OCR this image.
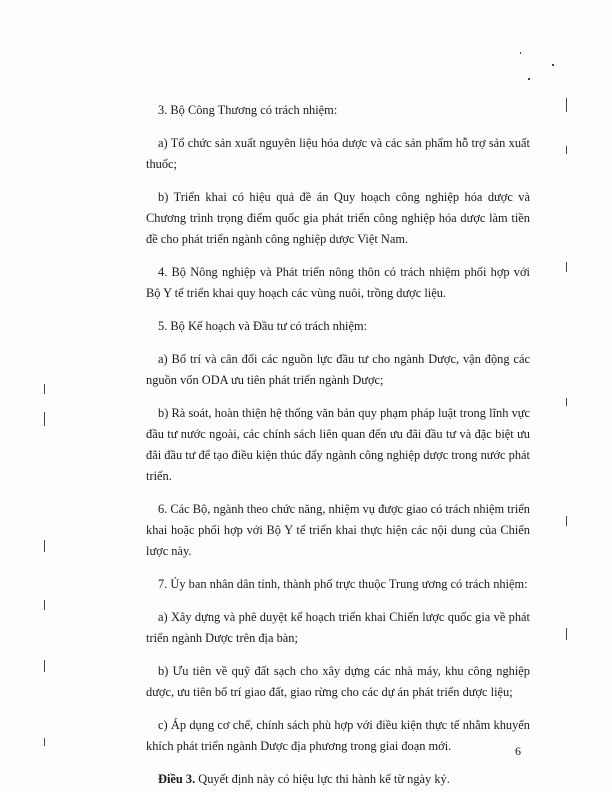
3. Bộ Công Thương có trách nhiệm:

a) Tổ chức sản xuất nguyên liệu hóa dược và các sản phẩm hỗ trợ sản xuất thuốc;

b) Triển khai có hiệu quả đề án Quy hoạch công nghiệp hóa dược và Chương trình trọng điểm quốc gia phát triển công nghiệp hóa dược làm tiền đề cho phát triển ngành công nghiệp dược Việt Nam.

4. Bộ Nông nghiệp và Phát triển nông thôn có trách nhiệm phối hợp với Bộ Y tế triển khai quy hoạch các vùng nuôi, trồng dược liệu.

5. Bộ Kế hoạch và Đầu tư có trách nhiệm:

a) Bố trí và cân đối các nguồn lực đầu tư cho ngành Dược, vận động các nguồn vốn ODA ưu tiên phát triển ngành Dược;

b) Rà soát, hoàn thiện hệ thống văn bản quy phạm pháp luật trong lĩnh vực đầu tư nước ngoài, các chính sách liên quan đến ưu đãi đầu tư và đặc biệt ưu đãi đầu tư để tạo điều kiện thúc đẩy ngành công nghiệp dược trong nước phát triển.

6. Các Bộ, ngành theo chức năng, nhiệm vụ được giao có trách nhiệm triển khai hoặc phối hợp với Bộ Y tế triển khai thực hiện các nội dung của Chiến lược này.

7. Ủy ban nhân dân tỉnh, thành phố trực thuộc Trung ương có trách nhiệm:

a) Xây dựng và phê duyệt kế hoạch triển khai Chiến lược quốc gia về phát triển ngành Dược trên địa bàn;

b) Ưu tiên về quỹ đất sạch cho xây dựng các nhà máy, khu công nghiệp dược, ưu tiên bố trí giao đất, giao rừng cho các dự án phát triển dược liệu;

c) Áp dụng cơ chế, chính sách phù hợp với điều kiện thực tế nhằm khuyến khích phát triển ngành Dược địa phương trong giai đoạn mới.

Điều 3. Quyết định này có hiệu lực thi hành kể từ ngày ký.

6
